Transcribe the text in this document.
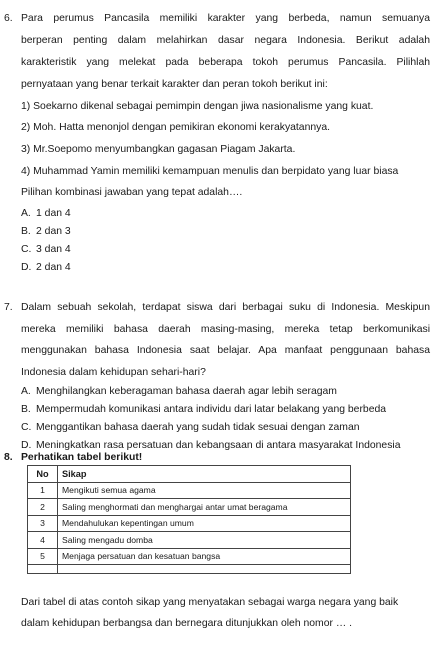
6. Para perumus Pancasila memiliki karakter yang berbeda, namun semuanya
berperan penting dalam melahirkan dasar negara Indonesia. Berikut adalah
karakteristik yang melekat pada beberapa tokoh perumus Pancasila. Pilihlah
pernyataan yang benar terkait karakter dan peran tokoh berikut ini:
1) Soekarno dikenal sebagai pemimpin dengan jiwa nasionalisme yang kuat.
2) Moh. Hatta menonjol dengan pemikiran ekonomi kerakyatannya.
3) Mr.Soepomo menyumbangkan gagasan Piagam Jakarta.
4) Muhammad Yamin memiliki kemampuan menulis dan berpidato yang luar biasa
Pilihan kombinasi jawaban yang tepat adalah….
A. 1 dan 4
B. 2 dan 3
C. 3 dan 4
D. 2 dan 4
7. Dalam sebuah sekolah, terdapat siswa dari berbagai suku di Indonesia. Meskipun
mereka memiliki bahasa daerah masing-masing, mereka tetap berkomunikasi
menggunakan bahasa Indonesia saat belajar. Apa manfaat penggunaan bahasa
Indonesia dalam kehidupan sehari-hari?
A. Menghilangkan keberagaman bahasa daerah agar lebih seragam
B. Mempermudah komunikasi antara individu dari latar belakang yang berbeda
C. Menggantikan bahasa daerah yang sudah tidak sesuai dengan zaman
D. Meningkatkan rasa persatuan dan kebangsaan di antara masyarakat Indonesia
8. Perhatikan tabel berikut!
No	Sikap
1	Mengikuti semua agama
2	Saling menghormati dan menghargai antar umat beragama
3	Mendahulukan kepentingan umum
4	Saling mengadu domba
5	Menjaga persatuan dan kesatuan bangsa
Dari tabel di atas contoh sikap yang menyatakan sebagai warga negara yang baik
dalam kehidupan berbangsa dan bernegara ditunjukkan oleh nomor … .
